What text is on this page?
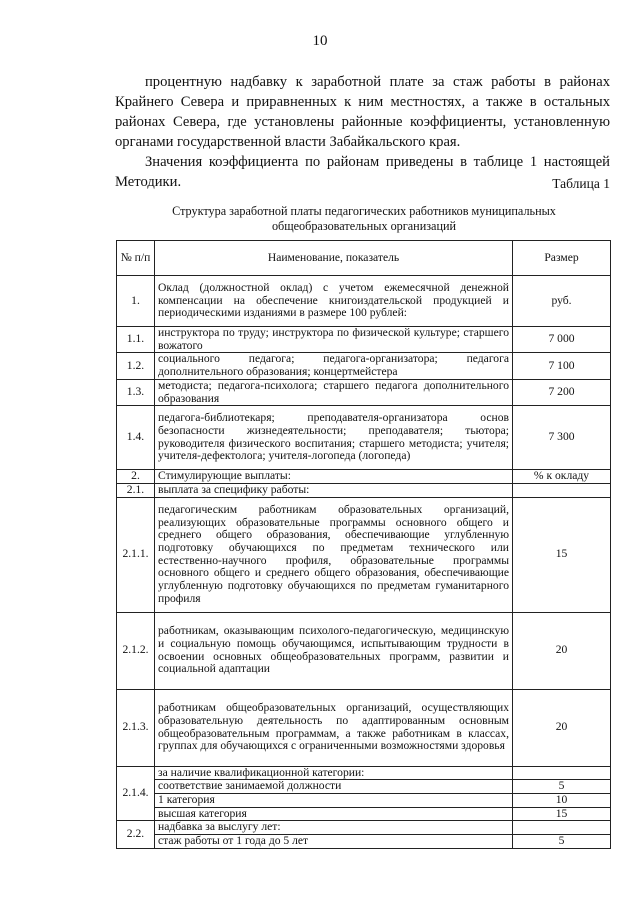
10

процентную надбавку к заработной плате за стаж работы в районах Крайнего Севера и приравненных к ним местностях, а также в остальных районах Севера, где установлены районные коэффициенты, установленную органами государственной власти Забайкальского края.

Значения коэффициента по районам приведены в таблице 1 настоящей Методики.	Таблица 1
Структура заработной платы педагогических работников муниципальных общеобразовательных организаций
№ п/п	Наименование, показатель	Размер
1.	Оклад (должностной оклад) с учетом ежемесячной денежной компенсации на обеспечение книгоиздательской продукцией и периодическими изданиями в размере 100 рублей:	руб.
1.1.	инструктора по труду; инструктора по физической культуре; старшего вожатого	7 000
1.2.	социального педагога; педагога-организатора; педагога дополнительного образования; концертмейстера	7 100
1.3.	методиста; педагога-психолога; старшего педагога дополнительного образования	7 200
1.4.	педагога-библиотекаря; преподавателя-организатора основ безопасности жизнедеятельности; преподавателя; тьютора; руководителя физического воспитания; старшего методиста; учителя; учителя-дефектолога; учителя-логопеда (логопеда)	7 300
2.	Стимулирующие выплаты:	% к окладу
2.1.	выплата за специфику работы:	
2.1.1.	педагогическим работникам образовательных организаций, реализующих образовательные программы основного общего и среднего общего образования, обеспечивающие углубленную подготовку обучающихся по предметам технического или естественно-научного профиля, образовательные программы основного общего и среднего общего образования, обеспечивающие углубленную подготовку обучающихся по предметам гуманитарного профиля	15
2.1.2.	работникам, оказывающим психолого-педагогическую, медицинскую и социальную помощь обучающимся, испытывающим трудности в освоении основных общеобразовательных программ, развитии и социальной адаптации	20
2.1.3.	работникам общеобразовательных организаций, осуществляющих образовательную деятельность по адаптированным основным общеобразовательным программам, а также работникам в классах, группах для обучающихся с ограниченными возможностями здоровья	20
2.1.4.	за наличие квалификационной категории:	
	соответствие занимаемой должности	5
	1 категория	10
	высшая категория	15
2.2.	надбавка за выслугу лет:	
	стаж работы от 1 года до 5 лет	5
